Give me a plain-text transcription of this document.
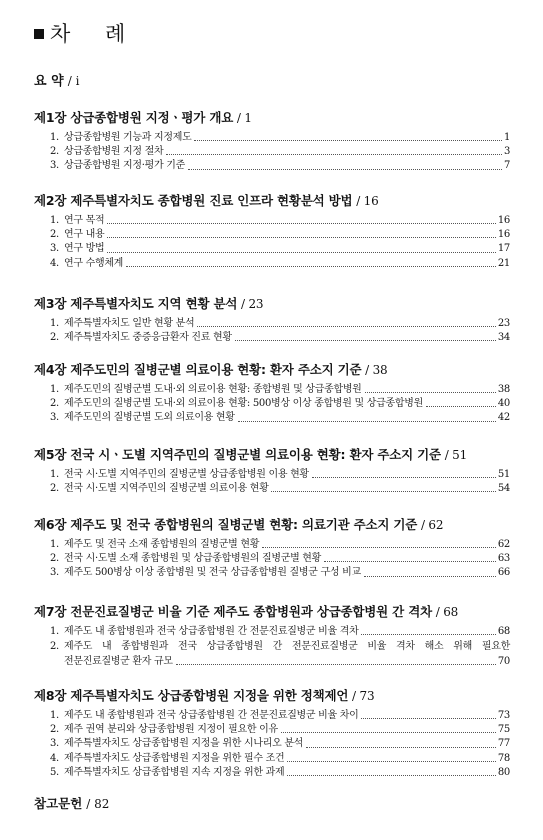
차 례
요 약 / i
제1장 상급종합병원 지정ㆍ평가 개요 / 1
1. 상급종합병원 기능과 지정제도	1
2. 상급종합병원 지정 절차	3
3. 상급종합병원 지정·평가 기준	7
제2장 제주특별자치도 종합병원 진료 인프라 현황분석 방법 / 16
1. 연구 목적	16
2. 연구 내용	16
3. 연구 방법	17
4. 연구 수행체계	21
제3장 제주특별자치도 지역 현황 분석 / 23
1. 제주특별자치도 일반 현황 분석	23
2. 제주특별자치도 중증응급환자 진료 현황	34
제4장 제주도민의 질병군별 의료이용 현황: 환자 주소지 기준 / 38
1. 제주도민의 질병군별 도내·외 의료이용 현황: 종합병원 및 상급종합병원	38
2. 제주도민의 질병군별 도내·외 의료이용 현황: 500병상 이상 종합병원 및 상급종합병원	40
3. 제주도민의 질병군별 도외 의료이용 현황	42
제5장 전국 시ㆍ도별 지역주민의 질병군별 의료이용 현황: 환자 주소지 기준 / 51
1. 전국 시·도별 지역주민의 질병군별 상급종합병원 이용 현황	51
2. 전국 시·도별 지역주민의 질병군별 의료이용 현황	54
제6장 제주도 및 전국 종합병원의 질병군별 현황: 의료기관 주소지 기준 / 62
1. 제주도 및 전국 소재 종합병원의 질병군별 현황	62
2. 전국 시·도별 소재 종합병원 및 상급종합병원의 질병군별 현황	63
3. 제주도 500병상 이상 종합병원 및 전국 상급종합병원 질병군 구성 비교	66
제7장 전문진료질병군 비율 기준 제주도 종합병원과 상급종합병원 간 격차 / 68
1. 제주도 내 종합병원과 전국 상급종합병원 간 전문진료질병군 비율 격차	68
2. 제주도 내 종합병원과 전국 상급종합병원 간 전문진료질병군 비율 격차 해소 위해 필요한
전문진료질병군 환자 규모	70
제8장 제주특별자치도 상급종합병원 지정을 위한 정책제언 / 73
1. 제주도 내 종합병원과 전국 상급종합병원 간 전문진료질병군 비율 차이	73
2. 제주 권역 분리와 상급종합병원 지정이 필요한 이유	75
3. 제주특별자치도 상급종합병원 지정을 위한 시나리오 분석	77
4. 제주특별자치도 상급종합병원 지정을 위한 필수 조건	78
5. 제주특별자치도 상급종합병원 지속 지정을 위한 과제	80
참고문헌 / 82
